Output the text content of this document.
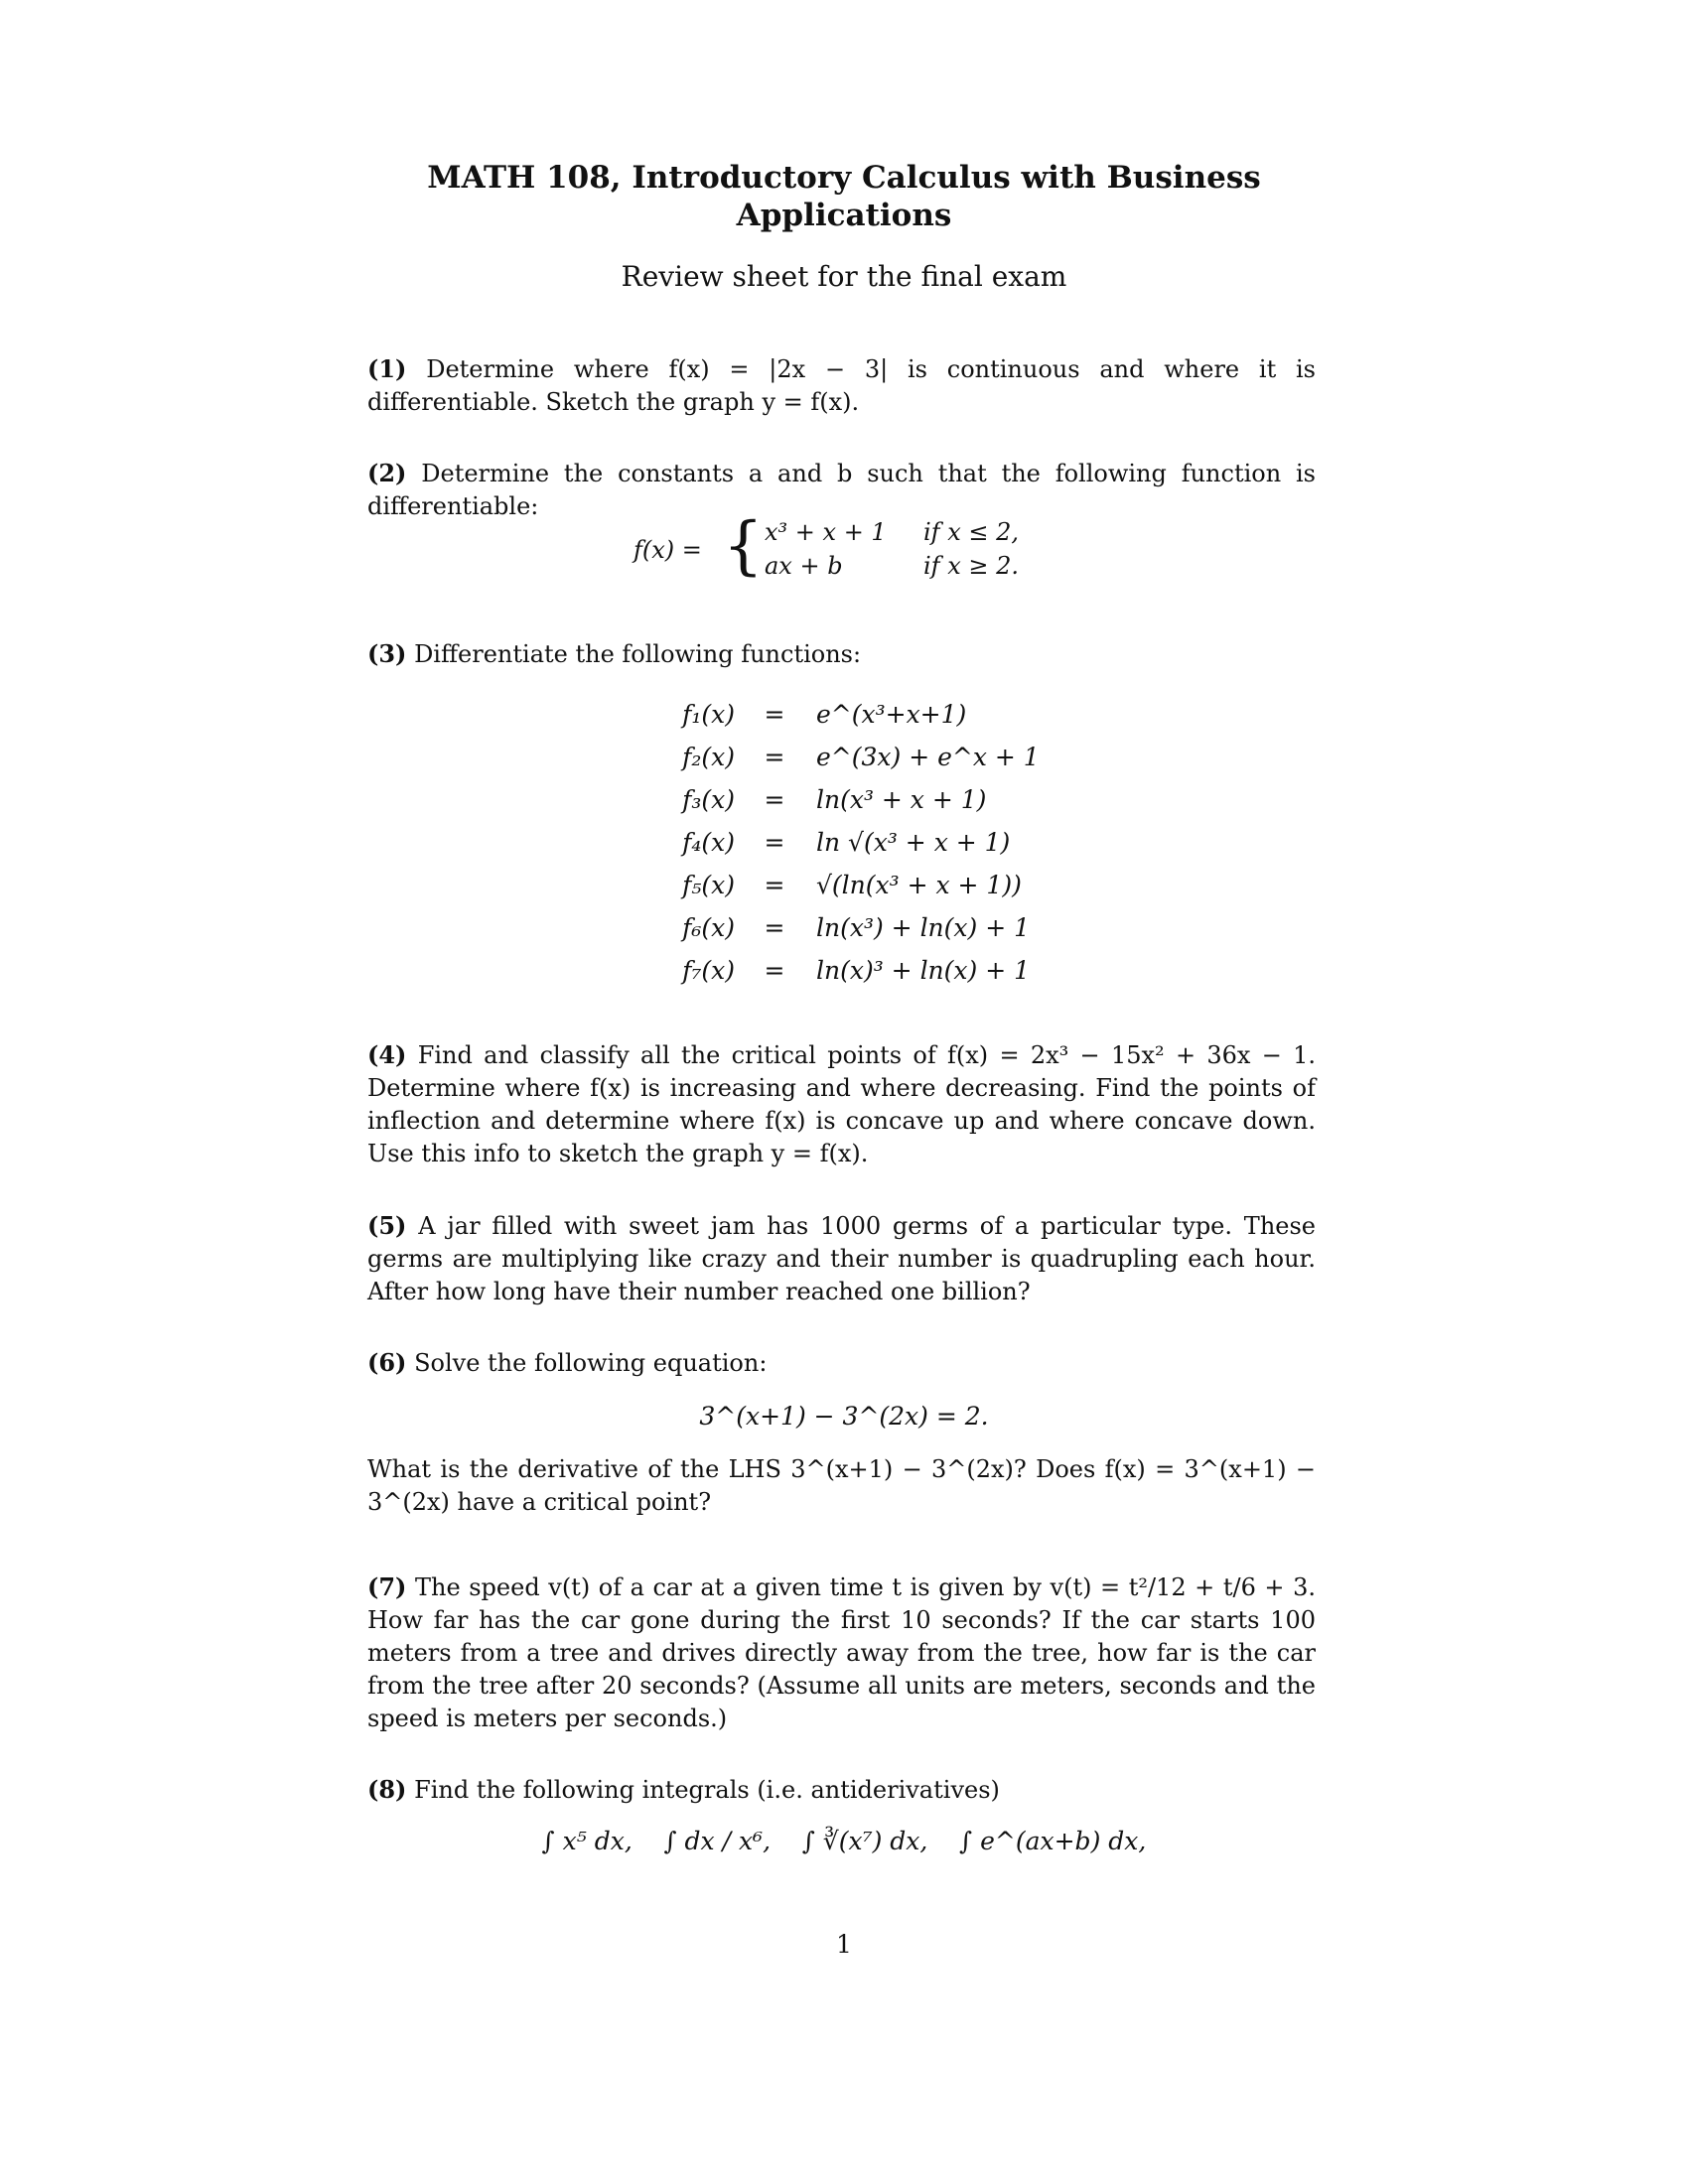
MATH 108, Introductory Calculus with Business
Applications
Review sheet for the final exam
(1) Determine where f(x) = |2x − 3| is continuous and where it is differentiable. Sketch the graph y = f(x).
(2) Determine the constants a and b such that the following function is differentiable:
f(x) = { x³ + x + 1 if x ≤ 2,
ax + b	if x ≥ 2.
(3) Differentiate the following functions:
f₁(x)	=	e^(x³+x+1)
f₂(x)	=	e^(3x) + e^x + 1
f₃(x)	=	ln(x³ + x + 1)
f₄(x)	=	ln √(x³ + x + 1)
f₅(x)	=	√(ln(x³ + x + 1))
f₆(x)	=	ln(x³) + ln(x) + 1
f₇(x)	=	ln(x)³ + ln(x) + 1
(4) Find and classify all the critical points of f(x) = 2x³ − 15x² + 36x − 1. Determine where f(x) is increasing and where decreasing. Find the points of inflection and determine where f(x) is concave up and where concave down. Use this info to sketch the graph y = f(x).
(5) A jar filled with sweet jam has 1000 germs of a particular type. These germs are multiplying like crazy and their number is quadrupling each hour. After how long have their number reached one billion?
(6) Solve the following equation:
3^(x+1) − 3^(2x) = 2.
What is the derivative of the LHS 3^(x+1) − 3^(2x)? Does f(x) = 3^(x+1) − 3^(2x) have a critical point?
(7) The speed v(t) of a car at a given time t is given by v(t) = t²/12 + t/6 + 3. How far has the car gone during the first 10 seconds? If the car starts 100 meters from a tree and drives directly away from the tree, how far is the car from the tree after 20 seconds? (Assume all units are meters, seconds and the speed is meters per seconds.)
(8) Find the following integrals (i.e. antiderivatives)
∫ x⁵ dx,    ∫ dx / x⁶,    ∫ ∛(x⁷) dx,    ∫ e^(ax+b) dx,
1
